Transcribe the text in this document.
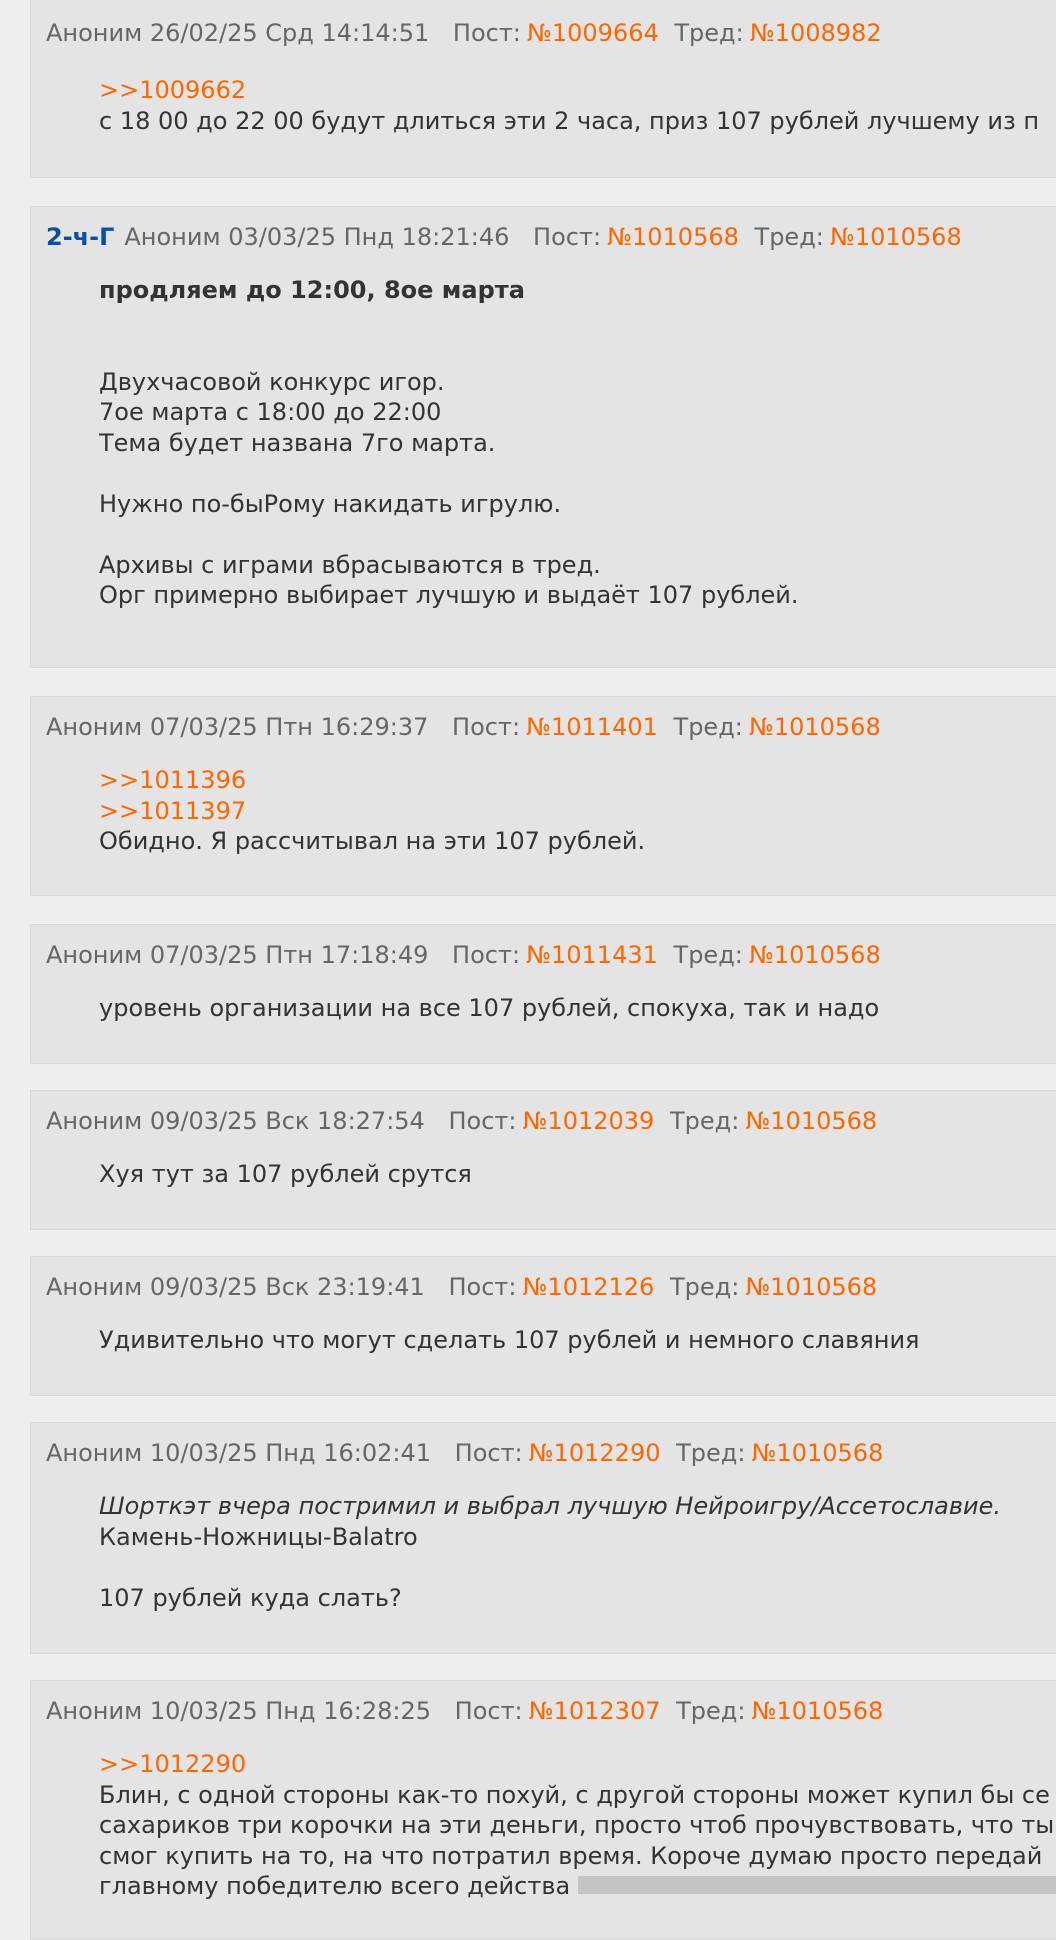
Аноним 26/02/25 Срд 14:14:51 Пост: №1009664 Тред: №1008982
>>1009662
с 18 00 до 22 00 будут длиться эти 2 часа, приз 107 рублей лучшему из п
2-ч-Г Аноним 03/03/25 Пнд 18:21:46 Пост: №1010568 Тред: №1010568
продляем до 12:00, 8ое марта
Двухчасовой конкурс игор.
7ое марта с 18:00 до 22:00
Тема будет названа 7го марта.
Нужно по-быРому накидать игрулю.
Архивы с играми вбрасываются в тред.
Орг примерно выбирает лучшую и выдаёт 107 рублей.
Аноним 07/03/25 Птн 16:29:37 Пост: №1011401 Тред: №1010568
>>1011396
>>1011397
Обидно. Я рассчитывал на эти 107 рублей.
Аноним 07/03/25 Птн 17:18:49 Пост: №1011431 Тред: №1010568
уровень организации на все 107 рублей, спокуха, так и надо
Аноним 09/03/25 Вск 18:27:54 Пост: №1012039 Тред: №1010568
Хуя тут за 107 рублей срутся
Аноним 09/03/25 Вск 23:19:41 Пост: №1012126 Тред: №1010568
Удивительно что могут сделать 107 рублей и немного славяния
Аноним 10/03/25 Пнд 16:02:41 Пост: №1012290 Тред: №1010568
Шорткэт вчера постримил и выбрал лучшую Нейроигру/Ассетославие.
Камень-Ножницы-Balatro
107 рублей куда слать?
Аноним 10/03/25 Пнд 16:28:25 Пост: №1012307 Тред: №1010568
>>1012290
Блин, с одной стороны как-то похуй, с другой стороны может купил бы се
сахариков три корочки на эти деньги, просто чтоб прочувствовать, что ты
смог купить на то, на что потратил время. Короче думаю просто передай
главному победителю всего действа
